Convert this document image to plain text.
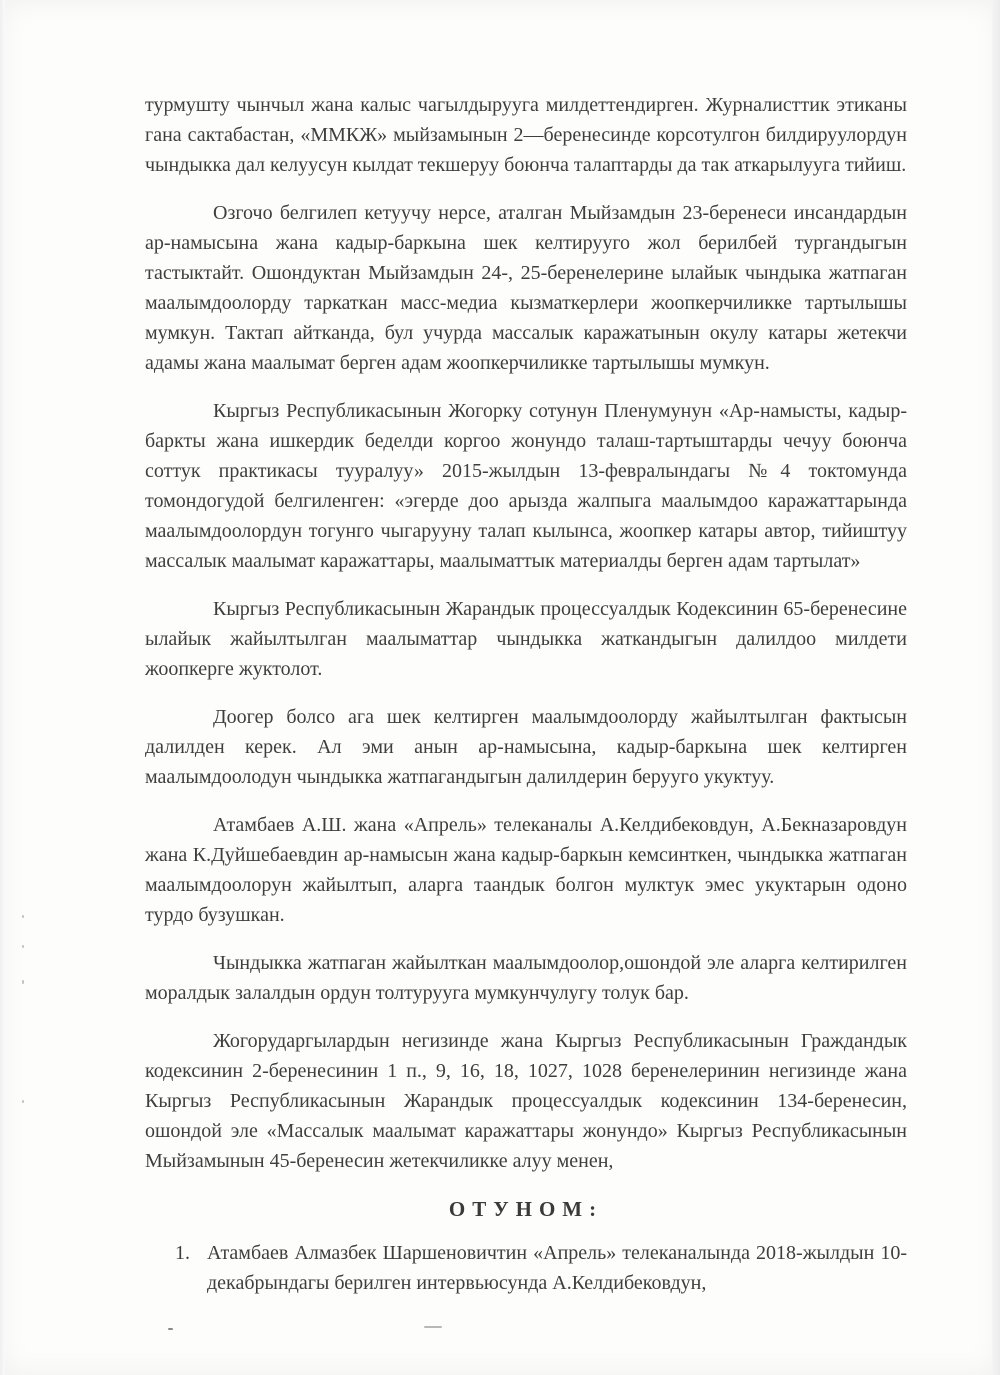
турмушту чынчыл жана калыс чагылдырууга милдеттендирген. Журналисттик этиканы гана сактабастан, «ММКЖ» мыйзамынын 2—беренесинде корсотулгон билдируулордун чындыкка дал келуусун кылдат текшеруу боюнча талаптарды да так аткарылууга тийиш.

Озгочо белгилеп кетуучу нерсе, аталган Мыйзамдын 23-беренеси инсандардын ар-намысына жана кадыр-баркына шек келтирууго жол берилбей тургандыгын тастыктайт. Ошондуктан Мыйзамдын 24-, 25-беренелерине ылайык чындыка жатпаган маалымдоолорду таркаткан масс-медиа кызматкерлери жоопкерчиликке тартылышы мумкун. Тактап айтканда, бул учурда массалык каражатынын окулу катары жетекчи адамы жана маалымат берген адам жоопкерчиликке тартылышы мумкун.

Кыргыз Республикасынын Жогорку сотунун Пленумунун «Ар-намысты, кадыр-баркты жана ишкердик беделди коргоо жонундо талаш-тартыштарды чечуу боюнча соттук практикасы тууралуу» 2015-жылдын 13-февралындагы №4 токтомунда томондогудой белгиленген: «эгерде доо арызда жалпыга маалымдоо каражаттарында маалымдоолордун тогунго чыгарууну талап кылынса, жоопкер катары автор, тийиштуу массалык маалымат каражаттары, маалыматтык материалды берген адам тартылат»

Кыргыз Республикасынын Жарандык процессуалдык Кодексинин 65-беренесине ылайык жайылтылган маалыматтар чындыкка жаткандыгын далилдоо милдети жоопкерге жуктолот.

Доогер болсо ага шек келтирген маалымдоолорду жайылтылган фактысын далилден керек. Ал эми анын ар-намысына, кадыр-баркына шек келтирген маалымдоолодун чындыкка жатпагандыгын далилдерин беруугo укуктуу.

Атамбаев А.Ш. жана «Апрель» телеканалы А.Келдибековдун, А.Бекназаровдун жана К.Дуйшебаевдин ар-намысын жана кадыр-баркын кемсинткен, чындыкка жатпаган маалымдоолорун жайылтып, аларга таандык болгон мулктук эмес укуктарын одоно турдо бузушкан.

Чындыкка жатпаган жайылткан маалымдоолор,ошондой эле аларга келтирилген моралдык залалдын ордун толтурууга мумкунчулугу толук бар.

Жогорударгылардын негизинде жана Кыргыз Республикасынын Граждандык кодексинин 2-беренесинин 1 п., 9, 16, 18, 1027, 1028 беренелеринин негизинде жана Кыргыз Республикасынын Жарандык процессуалдык кодексинин 134-беренесин, ошондой эле «Массалык маалымат каражаттары жонундо» Кыргыз Республикасынын Мыйзамынын 45-беренесин жетекчиликке алуу менен,

ОТУНОМ:

1. Атамбаев Алмазбек Шаршеновичтин «Апрель» телеканалында 2018-жылдын 10-декабрындагы берилген интервьюсунда А.Келдибековдун,
